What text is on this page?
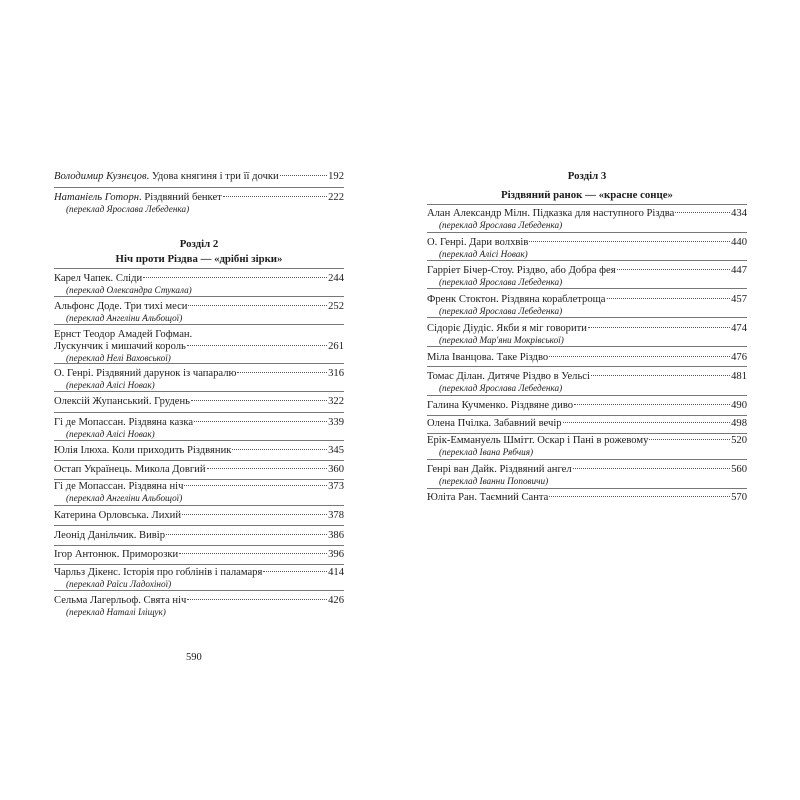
Володимир Кузнєцов. Удова княгиня і три її дочки	192
Натаніель Готорн. Різдвяний бенкет	222
(переклад Ярослава Лебеденка)
Розділ 2
Ніч проти Різдва — «дрібні зірки»
Карел Чапек. Сліди	244
(переклад Олександра Стукала)
Альфонс Доде. Три тихі меси	252
(переклад Ангеліни Альбощої)
Ернст Теодор Амадей Гофман.
Лускунчик і мишачий король	261
(переклад Нелі Ваховської)
О. Генрі. Різдвяний дарунок із чапаралю	316
(переклад Алісі Новак)
Олексій Жупанський. Грудень	322
Гі де Мопассан. Різдвяна казка	339
(переклад Алісі Новак)
Юлія Ілюха. Коли приходить Різдвяник	345
Остап Українець. Микола Довгий	360
Гі де Мопассан. Різдвяна ніч	373
(переклад Ангеліни Альбощої)
Катерина Орловська. Лихий	378
Леонід Данільчик. Вивір	386
Ігор Антонюк. Приморозки	396
Чарльз Дікенс. Історія про гоблінів і паламаря	414
(переклад Раїси Ладохіної)
Сельма Лагерльоф. Свята ніч	426
(переклад Наталі Іліщук)
590
Розділ 3
Різдвяний ранок — «красне сонце»
Алан Александр Мілн. Підказка для наступного Різдва	434
(переклад Ярослава Лебеденка)
О. Генрі. Дари волхвів	440
(переклад Алісі Новак)
Гарріет Бічер-Стоу. Різдво, або Добра фея	447
(переклад Ярослава Лебеденка)
Френк Стоктон. Різдвяна кораблетроща	457
(переклад Ярослава Лебеденка)
Сідоріє Діудіс. Якби я міг говорити	474
(переклад Мар'яни Мокрівської)
Міла Іванцова. Таке Різдво	476
Томас Ділан. Дитяче Різдво в Уельсі	481
(переклад Ярослава Лебеденка)
Галина Кучменко. Різдвяне диво	490
Олена Пчілка. Забавний вечір	498
Ерік-Еммануель Шмітт. Оскар і Пані в рожевому	520
(переклад Івана Рябчия)
Генрі ван Дайк. Різдвяний ангел	560
(переклад Іванни Поповичи)
Юліта Ран. Таємний Санта	570
